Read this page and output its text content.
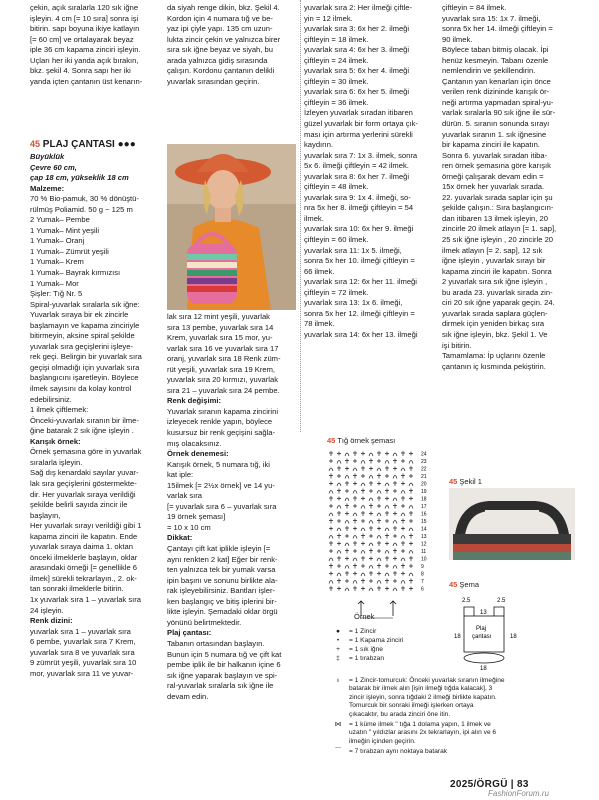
çekin, açık sıralarla 120 sık iğne

işleyin. 4 cm [= 10 sıra] sonra işi

bitirin. sapı boyuna ikiye katlayın

[= 60 cm] ve ortalayarak beyaz

iple 36 cm kapama zinciri işleyin.

Uçları her iki yanda açık bırakın,

bkz. şekil 4. Sonra sapı her iki

yanda içten çantanın üst kenarın-

45 PLAJ ÇANTASI ●●●

Büyüklük

Çevre 60 cm,

çap 18 cm, yükseklik 18 cm

Malzeme:

70 % Bio-pamuk, 30 % dönüştü-

rülmüş Poliamid. 50 g ~ 125 m

2 Yumak– Pembe

1 Yumak– Mint yeşili

1 Yumak– Oranj

1 Yumak– Zümrüt yeşili

1 Yumak– Krem

1 Yumak– Bayrak kırmızısı

1 Yumak– Mor

Şişler: Tığ Nr. 5

Spiral-yuvarlak sıralarla sık iğne:

Yuvarlak sıraya bir ek zincirle

başlamayın ve kapama zinciriyle

bitirmeyin, aksine spiral şekilde

yuvarlak sıra geçişlerini işleye-

rek geçi. Belirgin bir yuvarlak sıra

geçişi olmadığı için yuvarlak sıra

başlangıcını işaretleyin. Böylece

ilmek sayısını da kolay kontrol

edebilirsiniz.

1 ilmek çiftlemek:

Önceki-yuvarlak sıranın bir ilme-

ğine batarak 2 sık iğne işleyin .

Karışık örnek:

Örnek şemasına göre in yuvarlak

sıralarla işleyin.

Sağ dış kenardaki sayılar yuvar-

lak sıra geçişlerini göstermekte-

dir. Her yuvarlak sıraya verildiği

şekilde belirli sayıda zincir ile

başlayın,

Her yuvarlak sırayı verildiği gibi 1

kapama zinciri ile kapatın. Ende

yuvarlak sıraya daima 1. oktan

önceki ilmeklerle başlayın, oklar

arasındaki örneği [= genellikle 6

ilmek] sürekli tekrarlayın., 2. ok-

tan sonraki ilmeklerle bitirin.

1x yuvarlak sıra 1 – yuvarlak sıra

24 işleyin.

Renk dizini:

yuvarlak sıra 1 – yuvarlak sıra

6 pembe, yuvarlak sıra 7 Krem,

yuvarlak sıra 8 ve yuvarlak sıra

9 zümrüt yeşili, yuvarlak sıra 10

mor, yuvarlak sıra 11 ve yuvar-

da siyah renge dikin, bkz. Şekil 4.

Kordon için 4 numara tığ ve be-

yaz ipi çiyle yapı. 135 cm uzun-

lukta zincir çekin ve yalnızca birer

sıra sık iğne beyaz ve siyah, bu

arada yalnızca gidiş sırasında

çalışın. Kordonu çantanın delikli

yuvarlak sırasından geçirin.

lak sıra 12 mint yeşili, yuvarlak

sıra 13 pembe, yuvarlak sıra 14

Krem, yuvarlak sıra 15 mor, yu-

varlak sıra 16 ve yuvarlak sıra 17

oranj, yuvarlak sıra 18 Renk züm-

rüt yeşili, yuvarlak sıra 19 Krem,

yuvarlak sıra 20 kırmızı, yuvarlak

sıra 21 – yuvarlak sıra 24 pembe.

Renk değişimi:

Yuvarlak sıranın kapama zincirini

izleyecek renkle yapın, böylece

kusursuz bir renk geçişini sağla-

mış olacaksınız.

Örnek denemesi:

Karışık örnek, 5 numara tığ, iki

kat iple:

15ilmek [= 2½x örnek] ve 14 yu-

varlak sıra

[= yuvarlak sıra 6 – yuvarlak sıra

19 örnek şeması]

= 10 x 10 cm

Dikkat:

Çantayı çift kat iplikle işleyin [=

aynı renkten 2 kat] Eğer bir renk-

ten yalnızca tek bir yumak varsa

ipin başını ve sonunu birlikte ala-

rak işleyebilirsiniz. Bantları işler-

ken başlangıç ve bitiş iplerini bir-

likte işleyin. Şemadaki oklar örgü

yönünü belirtmektedir.

Plaj çantası:

Tabanın ortasından başlayın.

Bunun için 5 numara tığ ve çift kat

pembe iplik ile bir halkanın içine 6

sık iğne yaparak başlayın ve spi-

ral-yuvarlak sıralarla sık iğne ile

devam edin.

yuvarlak sıra 2: Her ilmeği çiftle-

yin = 12 ilmek.

yuvarlak sıra 3: 6x her 2. ilmeği

çiftleyin = 18 ilmek.

yuvarlak sıra 4: 6x her 3. ilmeği

çiftleyin = 24 ilmek.

yuvarlak sıra 5: 6x her 4. ilmeği

çiftleyin = 30 ilmek.

yuvarlak sıra 6: 6x her 5. ilmeği

çiftleyin = 36 ilmek.

İzleyen yuvarlak sıradan itibaren

güzel yuvarlak bir form ortaya çık-

ması için artırma yerlerini sürekli

kaydırın.

yuvarlak sıra 7: 1x 3. ilmek, sonra

5x 6. ilmeği çiftleyin = 42 ilmek.

yuvarlak sıra 8: 6x her 7. ilmeği

çiftleyin = 48 ilmek.

yuvarlak sıra 9: 1x 4. ilmeği, so-

nra 5x her 8. ilmeği çiftleyin = 54

ilmek.

yuvarlak sıra 10: 6x her 9. ilmeği

çiftleyin = 60 ilmek.

yuvarlak sıra 11: 1x 5. ilmeği,

sonra 5x her 10. ilmeği çiftleyin =

66 ilmek.

yuvarlak sıra 12: 6x her 11. ilmeği

çiftleyin = 72 ilmek.

yuvarlak sıra 13: 1x 6. ilmeği,

sonra 5x her 12. ilmeği çiftleyin =

78 ilmek.

yuvarlak sıra 14: 6x her 13. ilmeği

çiftleyin = 84 ilmek.

yuvarlak sıra 15: 1x 7. ilmeği,

sonra 5x her 14. ilmeği çiftleyin =

90 ilmek.

Böylece taban bitmiş olacak. İpi

henüz kesmeyin. Tabanı özenle

nemlendirin ve şekillendirin.

Çantanın yan kenarları için önce

verilen renk dizininde karışık ör-

neği artırma yapmadan spiral-yu-

varlak sıralarla 90 sık iğne ile sür-

dürün. 5. sıranın sonunda sırayı

yuvarlak sıranın 1. sık iğnesine

bir kapama zinciri ile kapatın.

Sonra 6. yuvarlak sıradan itiba-

ren örnek şemasına göre karışık

örneği çalışarak devam edin =

15x örnek her yuvarlak sırada.

22. yuvarlak sırada saplar için şu

şekilde çalışın.: Sıra başlangıcın-

dan itibaren 13 ilmek işleyin, 20

zincirle 20 ilmek atlayın [= 1. sap],

25 sık iğne işleyin , 20 zincirle 20

ilmek atlayın [= 2. sap], 12 sık

iğne işleyin , yuvarlak sırayı bir

kapama zinciri ile kapatın. Sonra

2 yuvarlak sıra sık iğne işleyin ,

bu arada 23. yuvarlak sırada zin-

ciri 20 sık iğne yaparak geçin. 24.

yuvarlak sırada saplara güçlen-

dirmek için yeniden birkaç sıra

sık iğne işleyin, bkz. Şekil 1. Ve

işi bitirin.

Tamamlama: İp uçlarını özenle

çantanın iç kısmında pekiştirin.

45 Tığ örnek şeması
24
23
22
21
20
19
18
17
16
15
14
13
12
11
10
9
8
7
6
Örnek
45 Şekil 1
45 Şema
2.5
13
2.5
18	18
Plaj
çantası
18
●	= 1 Zincir
•	= 1 Kapama zinciri
+	= 1 sık iğne
‡	= 1 tırabzan
♁	= 1 Zincir-tomurcuk: Önceki yuvarlak sıranın ilmeğine
batarak bir ilmek alın [işin ilmeği tığda kalacak], 3
zincir işleyin, sonra tığdaki 2 ilmeği birlikte kapatın.
Tomurcuk bir sonraki ilmeği işlerken ortaya
çıkacaktır, bu arada zinciri öne itin.
⋈	= 1 küme ilmek " tığa 1 dolama yapın, 1 ilmek ve
uzatın " yıldızlar arasını 2x tekrarlayın, ipi alın ve 6
ilmeğin içinden geçirin.
⌒	= 7 tırabzan aynı noktaya batarak
2025/ÖRGÜ | 83
FashionForum.ru
